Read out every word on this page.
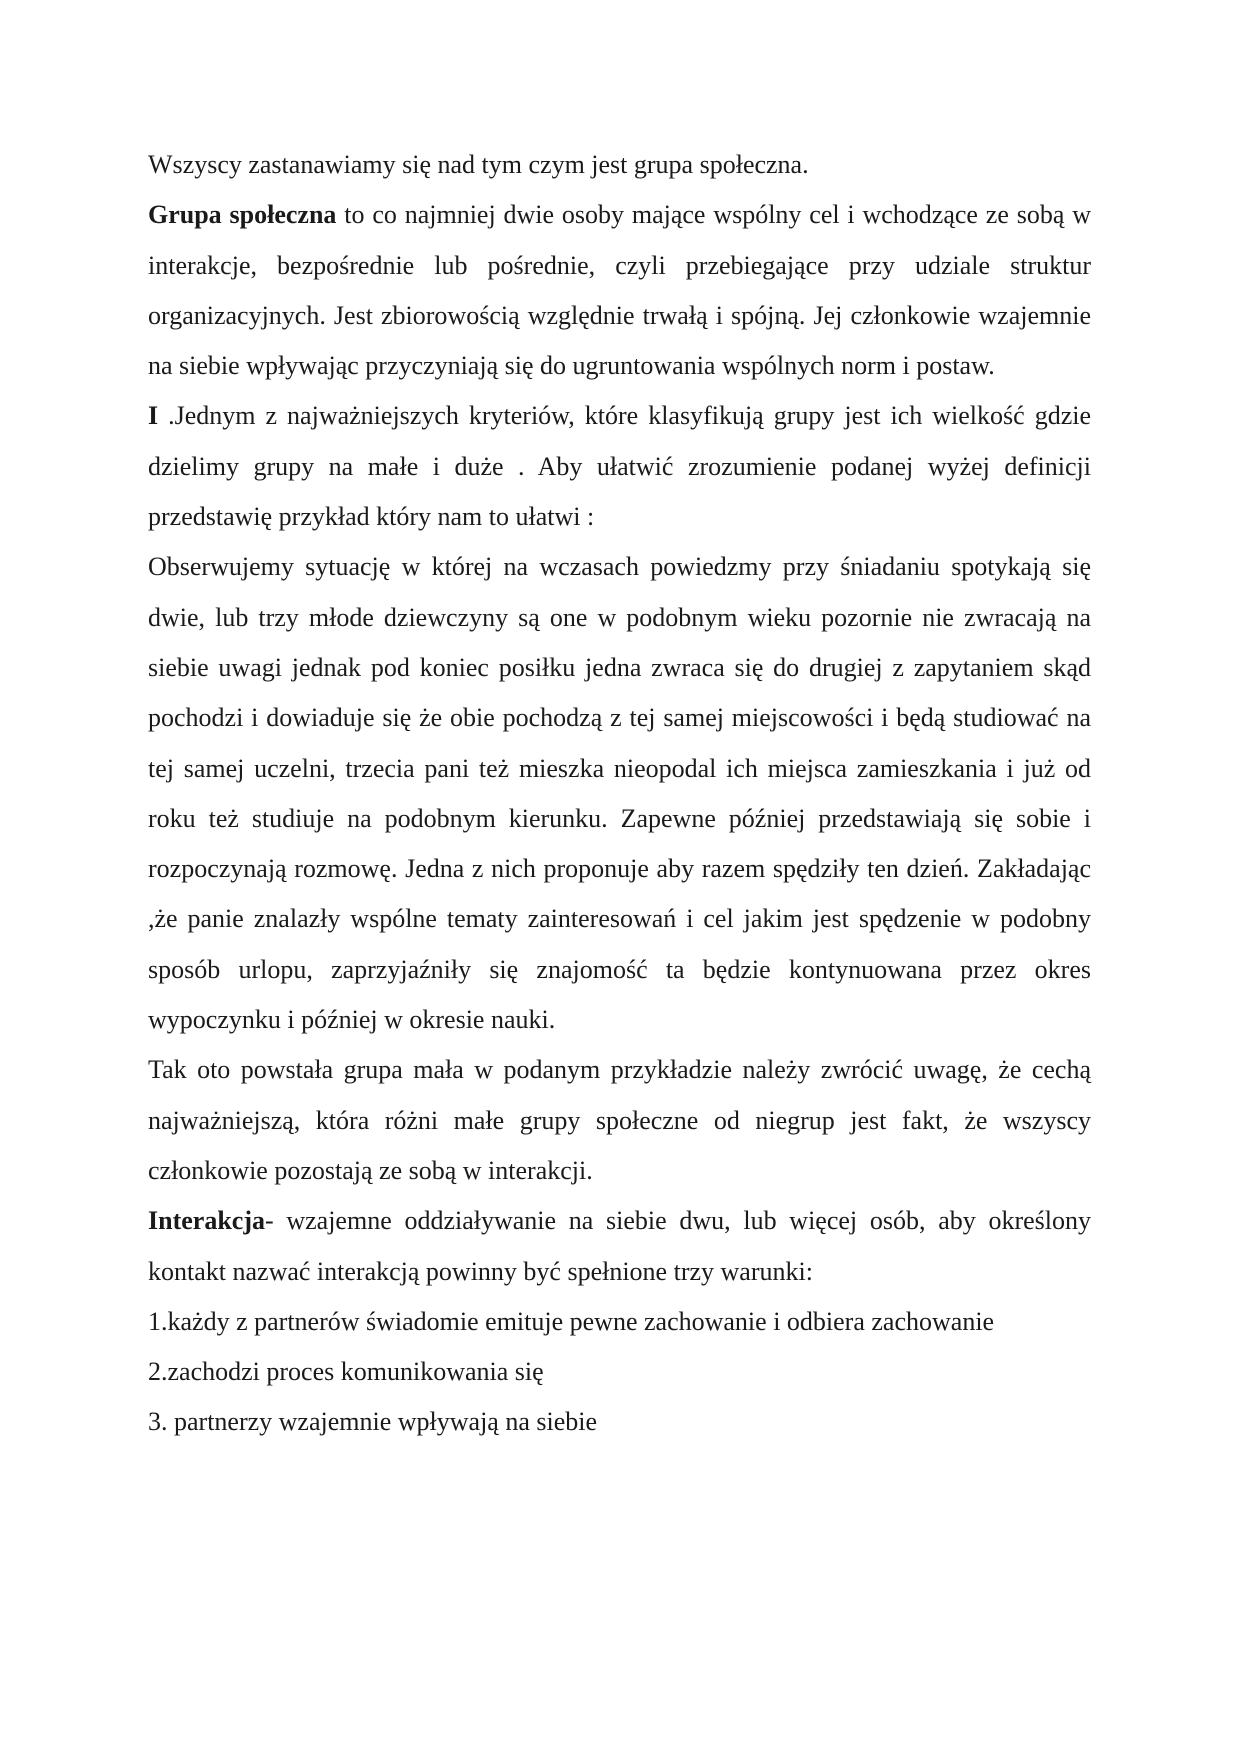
Wszyscy zastanawiamy się nad tym czym jest grupa społeczna.

Grupa społeczna to co najmniej dwie osoby mające wspólny cel i wchodzące ze sobą w interakcje, bezpośrednie lub pośrednie, czyli przebiegające przy udziale struktur organizacyjnych. Jest zbiorowością względnie trwałą i spójną. Jej członkowie wzajemnie na siebie wpływając przyczyniają się do ugruntowania wspólnych norm i postaw.

I .Jednym z najważniejszych kryteriów, które klasyfikują grupy jest ich wielkość gdzie dzielimy grupy na małe i duże . Aby ułatwić zrozumienie podanej wyżej definicji przedstawię przykład który nam to ułatwi :

Obserwujemy sytuację w której na wczasach powiedzmy przy śniadaniu spotykają się dwie, lub trzy młode dziewczyny są one w podobnym wieku pozornie nie zwracają na siebie uwagi jednak pod koniec posiłku jedna zwraca się do drugiej z zapytaniem skąd pochodzi i dowiaduje się że obie pochodzą z tej samej miejscowości i będą studiować na tej samej uczelni, trzecia pani też mieszka nieopodal ich miejsca zamieszkania i już od roku też studiuje na podobnym kierunku. Zapewne później przedstawiają się sobie i rozpoczynają rozmowę. Jedna z nich proponuje aby razem spędziły ten dzień. Zakładając ,że panie znalazły wspólne tematy zainteresowań i cel jakim jest spędzenie w podobny sposób urlopu, zaprzyjaźniły się znajomość ta będzie kontynuowana przez okres wypoczynku i później w okresie nauki.

Tak oto powstała grupa mała w podanym przykładzie należy zwrócić uwagę, że cechą najważniejszą, która różni małe grupy społeczne od niegrup jest fakt, że wszyscy członkowie pozostają ze sobą w interakcji.

Interakcja- wzajemne oddziaływanie na siebie dwu, lub więcej osób, aby określony kontakt nazwać interakcją powinny być spełnione trzy warunki:

1.każdy z partnerów świadomie emituje pewne zachowanie i odbiera zachowanie

2.zachodzi proces komunikowania się

3. partnerzy wzajemnie wpływają na siebie
